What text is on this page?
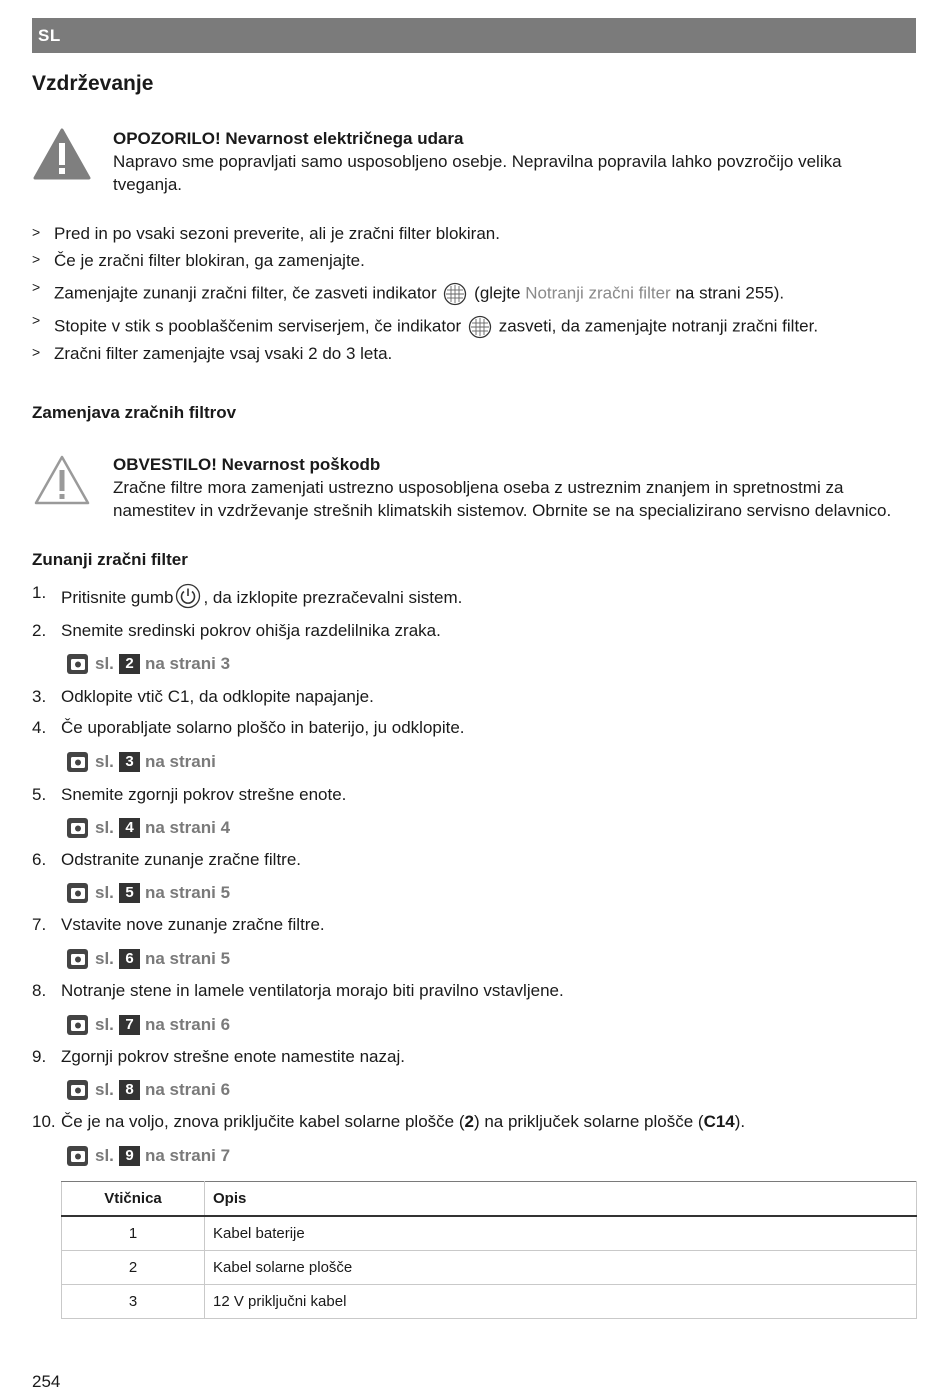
SL
Vzdrževanje
OPOZORILO! Nevarnost električnega udara
Napravo sme popravljati samo usposobljeno osebje. Nepravilna popravila lahko povzročijo velika tveganja.
> Pred in po vsaki sezoni preverite, ali je zračni filter blokiran.
> Če je zračni filter blokiran, ga zamenjajte.
> Zamenjajte zunanji zračni filter, če zasveti indikator (glejte Notranji zračni filter na strani 255).
> Stopite v stik s pooblaščenim serviserjem, če indikator zasveti, da zamenjajte notranji zračni filter.
> Zračni filter zamenjajte vsaj vsaki 2 do 3 leta.
Zamenjava zračnih filtrov
OBVESTILO! Nevarnost poškodb
Zračne filtre mora zamenjati ustrezno usposobljena oseba z ustreznim znanjem in spretnostmi za namestitev in vzdrževanje strešnih klimatskih sistemov. Obrnite se na specializirano servisno delavnico.
Zunanji zračni filter
1. Pritisnite gumb , da izklopite prezračevalni sistem.
2. Snemite sredinski pokrov ohišja razdelilnika zraka.
sl. 2 na strani 3
3. Odklopite vtič C1, da odklopite napajanje.
4. Če uporabljate solarno ploščo in baterijo, ju odklopite.
sl. 3 na strani
5. Snemite zgornji pokrov strešne enote.
sl. 4 na strani 4
6. Odstranite zunanje zračne filtre.
sl. 5 na strani 5
7. Vstavite nove zunanje zračne filtre.
sl. 6 na strani 5
8. Notranje stene in lamele ventilatorja morajo biti pravilno vstavljene.
sl. 7 na strani 6
9. Zgornji pokrov strešne enote namestite nazaj.
sl. 8 na strani 6
10. Če je na voljo, znova priključite kabel solarne plošče (2) na priključek solarne plošče (C14).
sl. 9 na strani 7
Vtičnica	Opis
1	Kabel baterije
2	Kabel solarne plošče
3	12 V priključni kabel
254
